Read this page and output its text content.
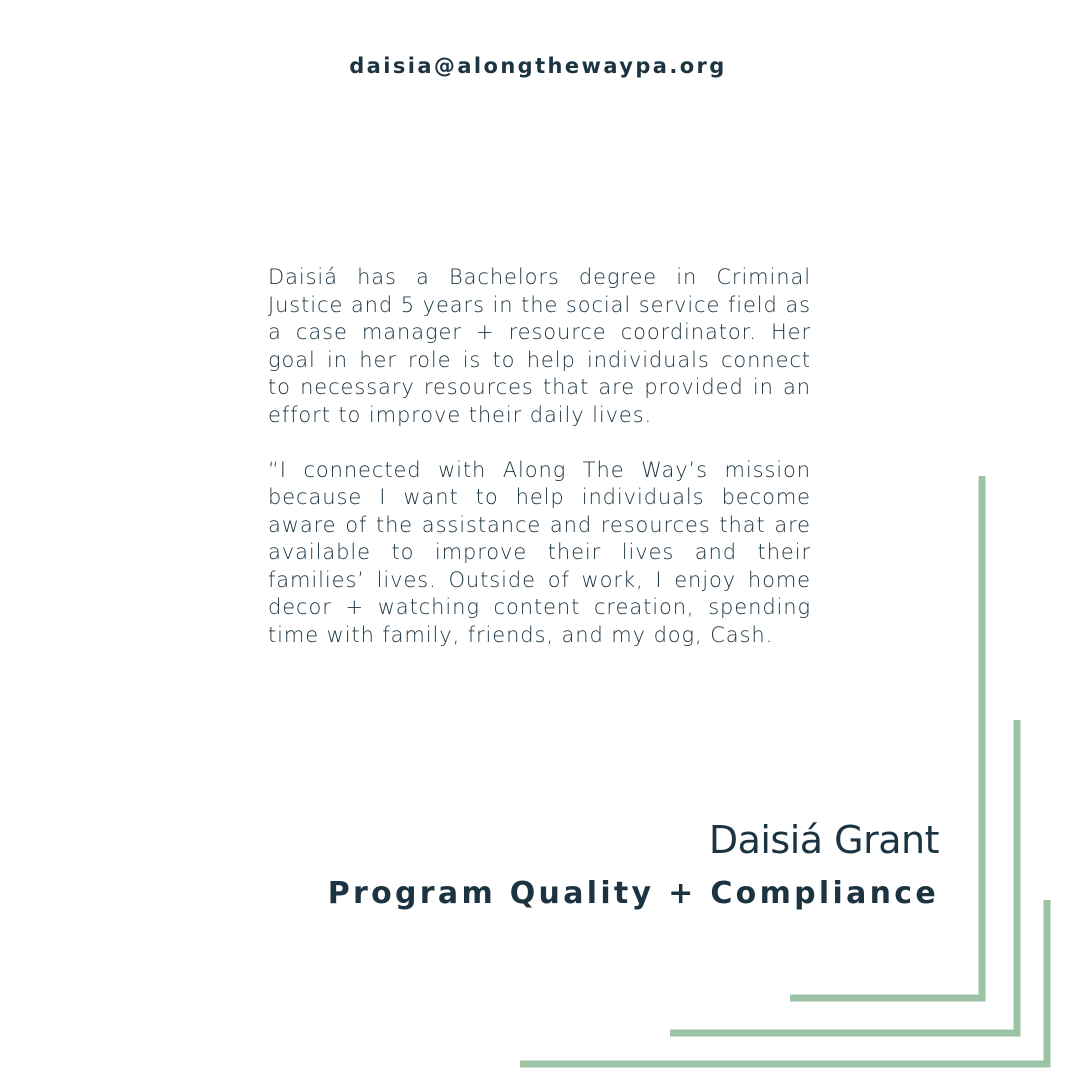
daisia@alongthewaypa.org

Daisiá has a Bachelors degree in Criminal Justice and 5 years in the social service field as a case manager + resource coordinator. Her goal in her role is to help individuals connect to necessary resources that are provided in an effort to improve their daily lives.

“I connected with Along The Way’s mission because I want to help individuals become aware of the assistance and resources that are available to improve their lives and their families’ lives. Outside of work, I enjoy home decor + watching content creation, spending time with family, friends, and my dog, Cash.

Daisiá Grant
Program Quality + Compliance
